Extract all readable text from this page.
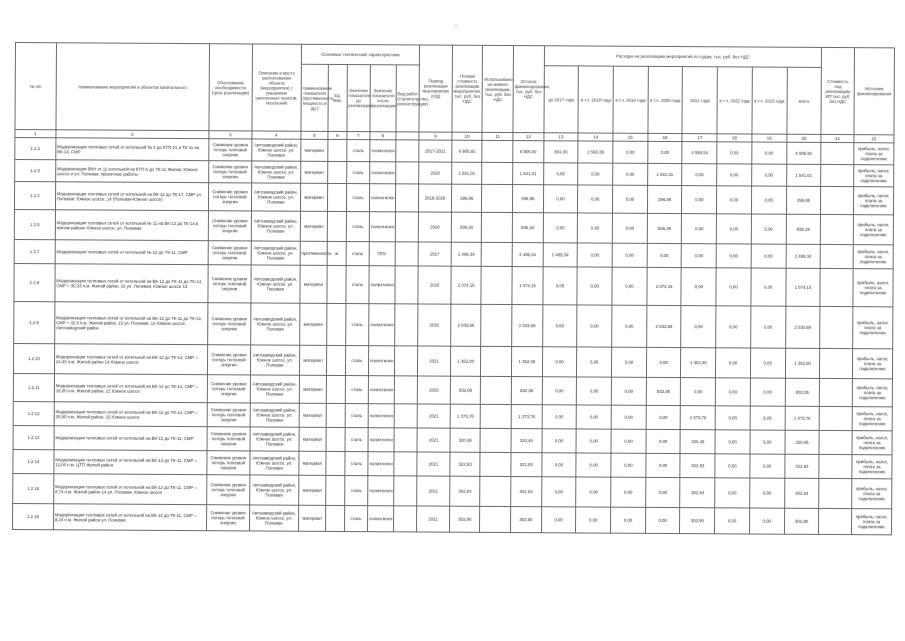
-
№ п/п	Наименование мероприятий и объектов капитального	Обоснование необходимости (цель реализации)	Описание и место расположения объекта (мероприятия) с указанием населенных пунктов, поселений	Основные технические характеристики					Период реализации мероприятия (год)	Полная стоимость реализации мероприятия, тыс. руб. без НДС	Использовано на момент реализации, тыс. руб. без НДС	Остаток финансирования, тыс. руб. без НДС	Расходы на реализацию мероприятий по годам, тыс. руб. без НДС								Стоимость под реализацию ИП тыс. руб. без НДС	Источник финансирования
				Наименование показателя (протяженность, мощность и др.)	Ед. изм.	Значение показателя до реализации	Значение показателя после реализации	Вид работ (строительство, реконструкция)					до 2017 года	в т.ч. 2018 года	в т.ч. 2019 года	в т.ч. 2020 года	2021 года	в т.ч. 2022 года	в т.ч. 2023 года	всего		

1	2	3	4	5	6	7	8		9	10	11	12	13	14	15	16	17	18	19	20	21	22
1.2.2	Модернизация тепловых сетей от котельной № 5 до КТП-21 и ТК-11 на ВК-14, СМР	Снижение уровня потерь тепловой энергии	Автозаводский район, Южное шоссе, ул. Полевая	материал		сталь	полиэтилен		2017-2021	6 905,92		6 905,92	591,00	2 560,38	0,00	0,00	2 989,54	0,00	0,00	6 905,92		прибыль, налог, плата за подключение
1.2.3	Модернизация ВКН от 11 котельной на КТП-5 до ТК-11 Жилая, Южное шоссе и ул. Полевая, проектные работы	Снижение уровня потерь тепловой энергии	Автозаводский район, Южное шоссе, ул. Полевая	материал		сталь	полиэтилен		2020	1 541,01		1 541,01	0,00	0,00	0,00	1 541,01	0,00	0,00	0,00	1 541,01		прибыль, налог, плата за подключение
1.2.2	Модернизация тепловых сетей от котельной на ВК-12 до ТК-17, СМР ул. Полевая, Южное шоссе, 14 (Полевая-Южное шоссе)	Снижение уровня потерь тепловой энергии	Автозаводский район, Южное шоссе, ул. Полевая	материал		сталь	полиэтилен		2019-2020	296,86		296,86	0,00	0,00	0,00	296,86	0,00	0,00	0,00	296,86		прибыль, налог, плата за подключение
1.2.5	Модернизация тепловых сетей от котельной № 11 на ВК-12 до ТК-14 в жилом районе Южное шоссе, ул. Полевая	Снижение уровня потерь тепловой энергии	Автозаводский район, Южное шоссе, ул. Полевая	материал		сталь	полиэтилен		2020	836,26		836,26	0,00	0,00	0,00	836,26	0,00	0,00	0,00	836,26		прибыль, налог, плата за подключение
1.2.7	Модернизация тепловых сетей от котельной № 12 до ТК-11, СМР	Снижение уровня потерь тепловой энергии	Автозаводский район, Южное шоссе, ул. Полевая	протяженность	м	сталь	ППУ		2017	2 495,34		2 495,34	2 495,34	0,00	0,00	0,00	0,00	0,00	0,00	2 495,34		прибыль, налог, плата за подключение
1.2.8	Модернизация тепловых сетей от котельной на ВК-12 до ТК-11 до ТК-14, СМР = 30,33 п.м. Жилой район, 15 ул. Полевая, Южное шоссе 14	Снижение уровня потерь тепловой энергии	Автозаводский район, Южное шоссе, ул. Полевая	материал		сталь	полиэтилен		2020	1 074,15		1 074,15	0,00	0,00	0,00	1 074,15	0,00	0,00	0,00	1 074,15		прибыль, налог, плата за подключение
1.2.9	Модернизация тепловых сетей от котельной на ВК-12 до ТК-11 до ТК-14, СМР = 32,9 п.м. Жилой район, 15 ул. Полевая, 14 Южное шоссе, Автозаводский район	Снижение уровня потерь тепловой энергии	Автозаводский район, Южное шоссе, ул. Полевая	материал		сталь	полиэтилен		2020	2 033,68		2 033,68	0,00	0,00	0,00	2 033,68	0,00	0,00	0,00	2 033,68		прибыль, налог, плата за подключение
1.2.10	Модернизация тепловых сетей от котельной на ВК-12 до ТК-14, СМР = 24,45 п.м. Жилой район 14 Южное шоссе	Снижение уровня потерь тепловой энергии	Автозаводский район, Южное шоссе, ул. Полевая	материал		сталь	полиэтилен		2021	1 352,00		1 352,00	0,00	0,00	0,00	0,00	1 352,00	0,00	0,00	1 352,00		прибыль, налог, плата за подключение
1.2.11	Модернизация тепловых сетей от котельной на ВК-12 до ТК-14, СМР = 15,00 п.м. Жилой район, 21 Южное шоссе	Снижение уровня потерь тепловой энергии	Автозаводский район, Южное шоссе, ул. Полевая	материал		сталь	полиэтилен		2020	832,06		832,06	0,00	0,00	0,00	832,06	0,00	0,00	0,00	832,06		прибыль, налог, плата за подключение
1.2.12	Модернизация тепловых сетей от котельной на ВК-12 до ТК-14, СМР = 30,90 п.м. Жилой район, 15 Южное шоссе	Снижение уровня потерь тепловой энергии	Автозаводский район, Южное шоссе, ул. Полевая	материал		сталь	полиэтилен		2021	1 373,76		1 373,76	0,00	0,00	0,00	0,00	1 373,76	0,00	0,00	1 373,76		прибыль, налог, плата за подключение
1.2.13	Модернизация тепловых сетей от котельной на ВК-12 до ТК-11, СМР	Снижение уровня потерь тепловой энергии	Автозаводский район, Южное шоссе, ул. Полевая	материал		сталь	полиэтилен		2021	320,46		320,46	0,00	0,00	0,00	0,00	320,46	0,00	0,00	320,46		прибыль, налог, плата за подключение
1.2.14	Модернизация тепловых сетей от котельной на ВК-12 до ТК-11, СМР = 12,00 п.м. ЦТП Жилой район	Снижение уровня потерь тепловой энергии	Автозаводский район, Южное шоссе, ул. Полевая	материал		сталь	полиэтилен		2021	322,93		322,93	0,00	0,00	0,00	0,00	322,93	0,00	0,00	322,93		прибыль, налог, плата за подключение
1.2.15	Модернизация тепловых сетей от котельной на ВК-12 до ТК-11, СМР = 8,74 п.м. Жилой район 14 ул. Полевая, Южное шоссе	Снижение уровня потерь тепловой энергии	Автозаводский район, Южное шоссе, ул. Полевая	материал		сталь	полиэтилен		2021	302,94		302,94	0,00	0,00	0,00	0,00	302,94	0,00	0,00	302,94		прибыль, налог, плата за подключение
1.2.16	Модернизация тепловых сетей от котельной на ВК-12 до ТК-11, СМР = 8,24 п.м. Жилой район ул. Полевая	Снижение уровня потерь тепловой энергии	Автозаводский район, Южное шоссе, ул. Полевая	материал		сталь	полиэтилен		2021	302,90		302,90	0,00	0,00	0,00	0,00	302,90	0,00	0,00	302,90		прибыль, налог, плата за подключение
